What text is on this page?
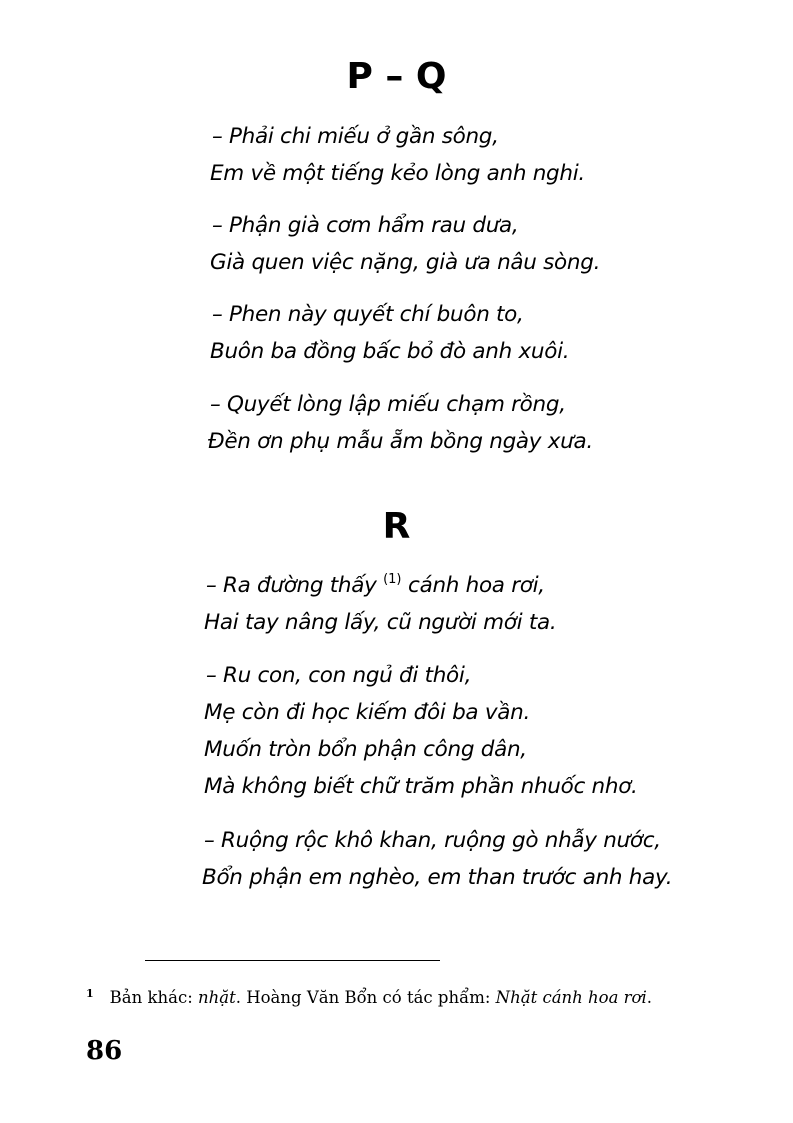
P – Q
– Phải chi miếu ở gần sông,
Em về một tiếng kẻo lòng anh nghi.
– Phận già cơm hẩm rau dưa,
Già quen việc nặng, già ưa nâu sòng.
– Phen này quyết chí buôn to,
Buôn ba đồng bấc bỏ đò anh xuôi.
– Quyết lòng lập miếu chạm rồng,
Đền ơn phụ mẫu ẵm bồng ngày xưa.
R
– Ra đường thấy $^{(1)}$ cánh hoa rơi,
Hai tay nâng lấy, cũ người mới ta.
– Ru con, con ngủ đi thôi,
Mẹ còn đi học kiếm đôi ba vần.
Muốn tròn bổn phận công dân,
Mà không biết chữ trăm phần nhuốc nhơ.
– Ruộng rộc khô khan, ruộng gò nhẫy nước,
Bổn phận em nghèo, em than trước anh hay.
$^1$ Bản khác: nhặt. Hoàng Văn Bổn có tác phẩm: Nhặt cánh hoa rơi.
86
